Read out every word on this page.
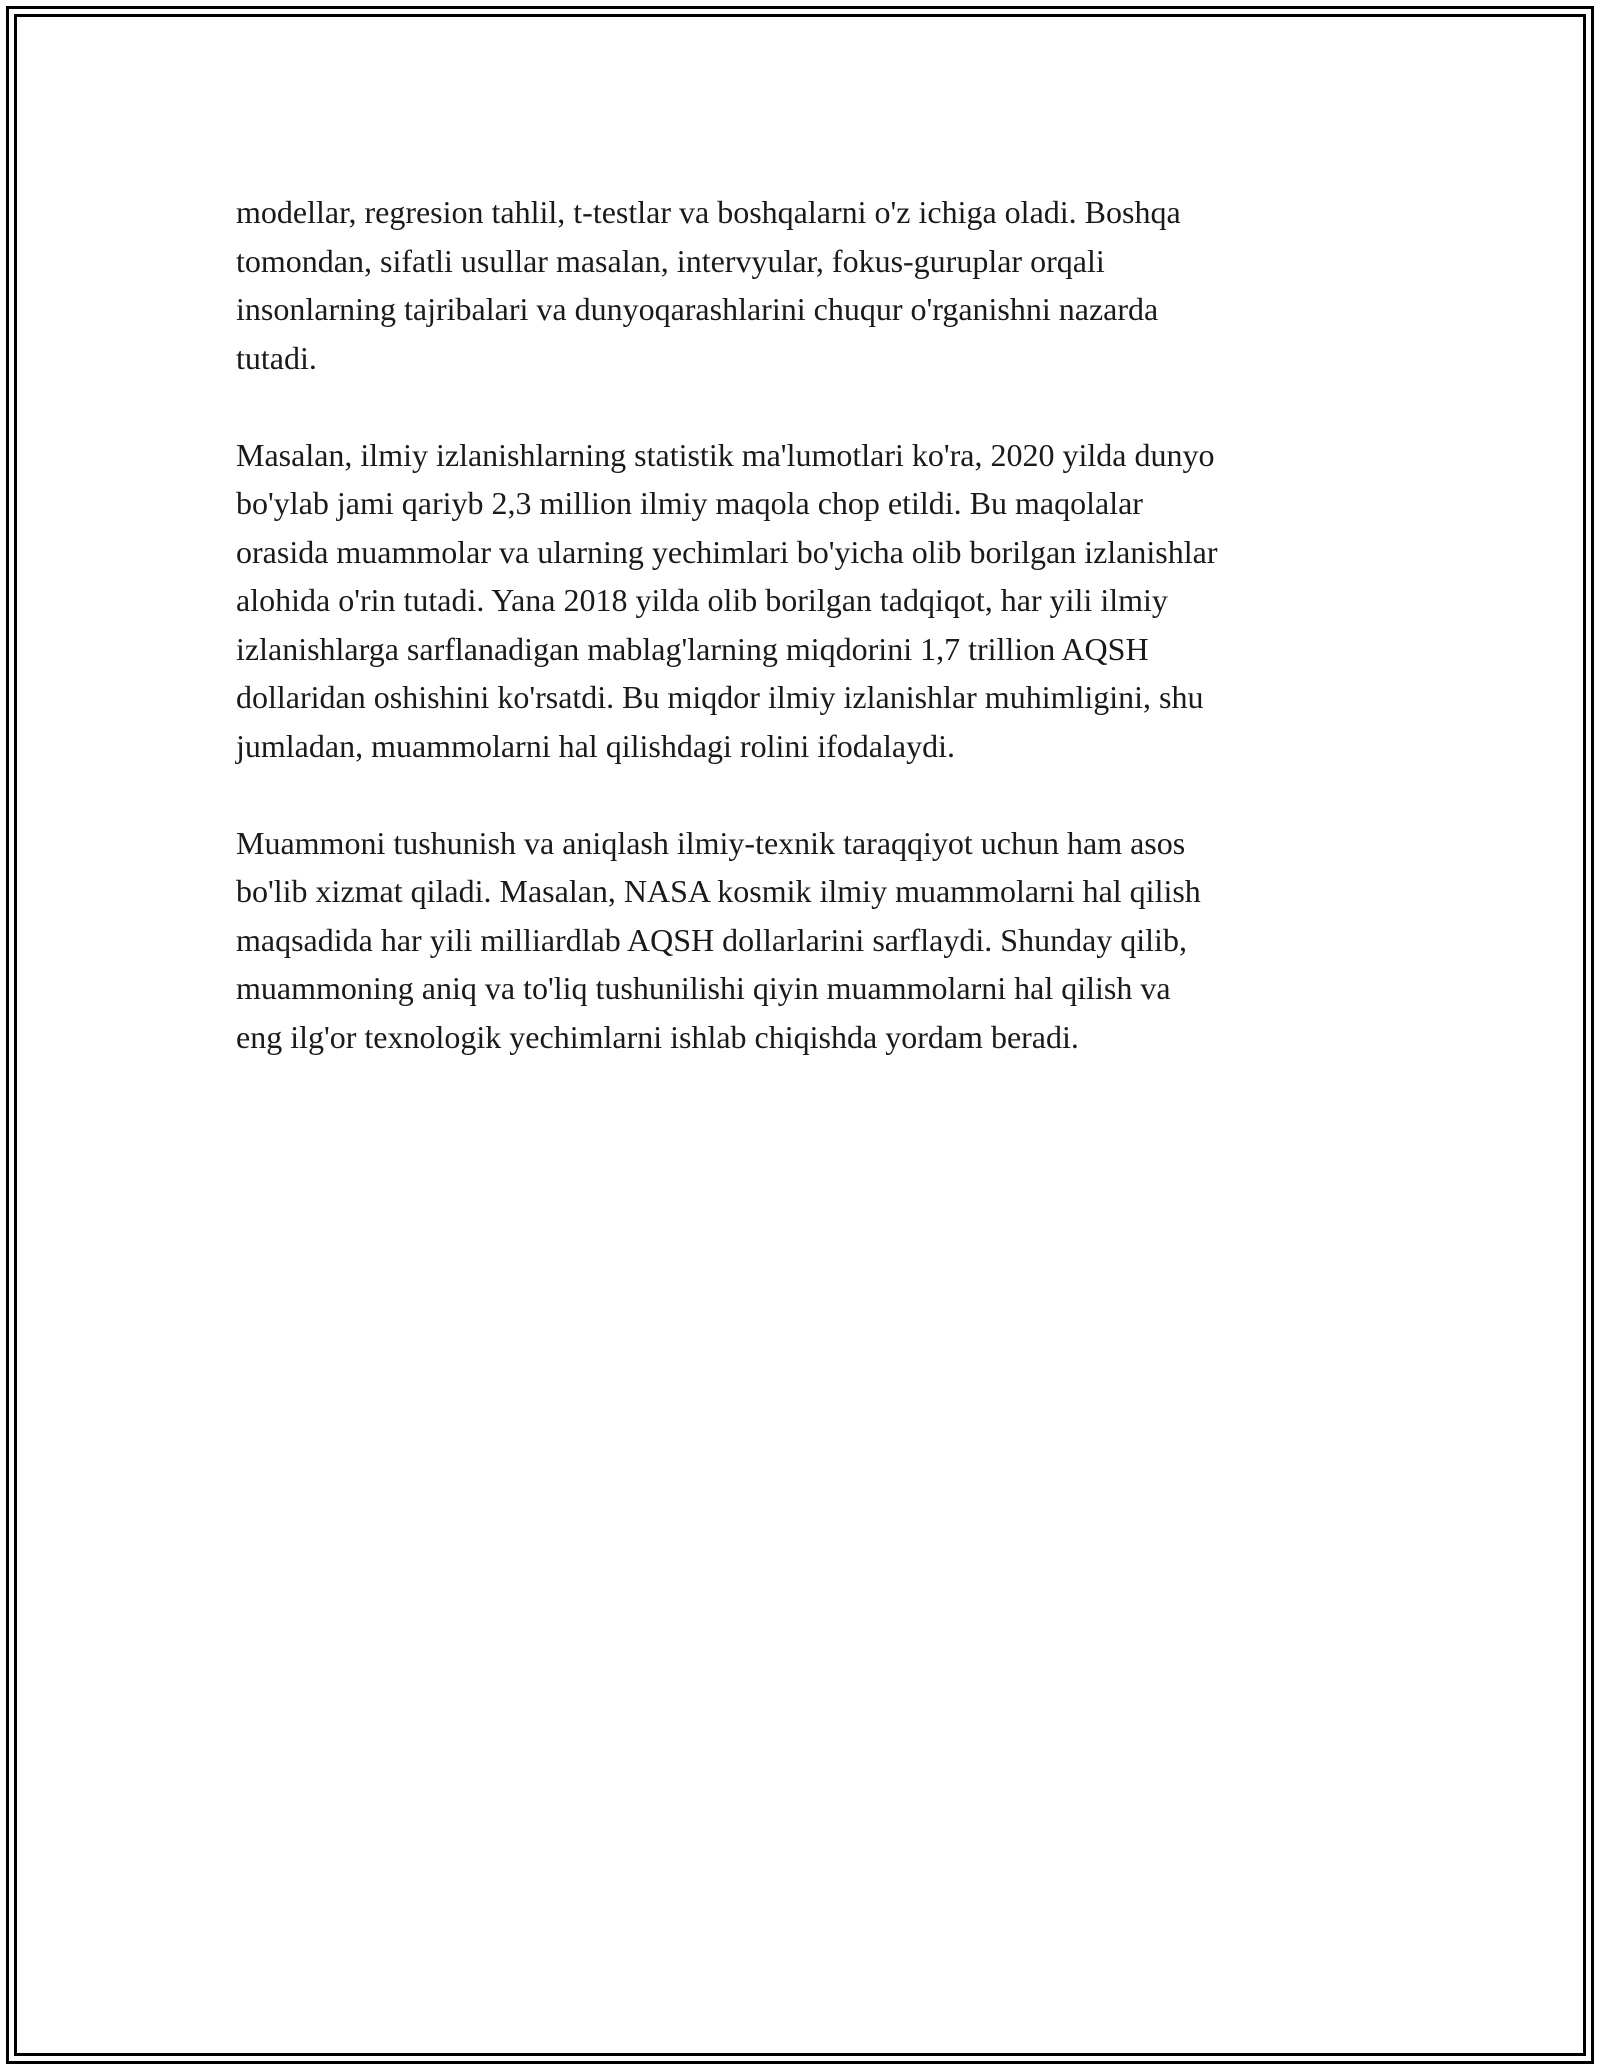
modellar, regresion tahlil, t-testlar va boshqalarni o'z ichiga oladi. Boshqa
tomondan, sifatli usullar masalan, intervyular, fokus-guruplar orqali
insonlarning tajribalari va dunyoqarashlarini chuqur o'rganishni nazarda
tutadi.

Masalan, ilmiy izlanishlarning statistik ma'lumotlari ko'ra, 2020 yilda dunyo
bo'ylab jami qariyb 2,3 million ilmiy maqola chop etildi. Bu maqolalar
orasida muammolar va ularning yechimlari bo'yicha olib borilgan izlanishlar
alohida o'rin tutadi. Yana 2018 yilda olib borilgan tadqiqot, har yili ilmiy
izlanishlarga sarflanadigan mablag'larning miqdorini 1,7 trillion AQSH
dollaridan oshishini ko'rsatdi. Bu miqdor ilmiy izlanishlar muhimligini, shu
jumladan, muammolarni hal qilishdagi rolini ifodalaydi.

Muammoni tushunish va aniqlash ilmiy-texnik taraqqiyot uchun ham asos
bo'lib xizmat qiladi. Masalan, NASA kosmik ilmiy muammolarni hal qilish
maqsadida har yili milliardlab AQSH dollarlarini sarflaydi. Shunday qilib,
muammoning aniq va to'liq tushunilishi qiyin muammolarni hal qilish va
eng ilg'or texnologik yechimlarni ishlab chiqishda yordam beradi.
